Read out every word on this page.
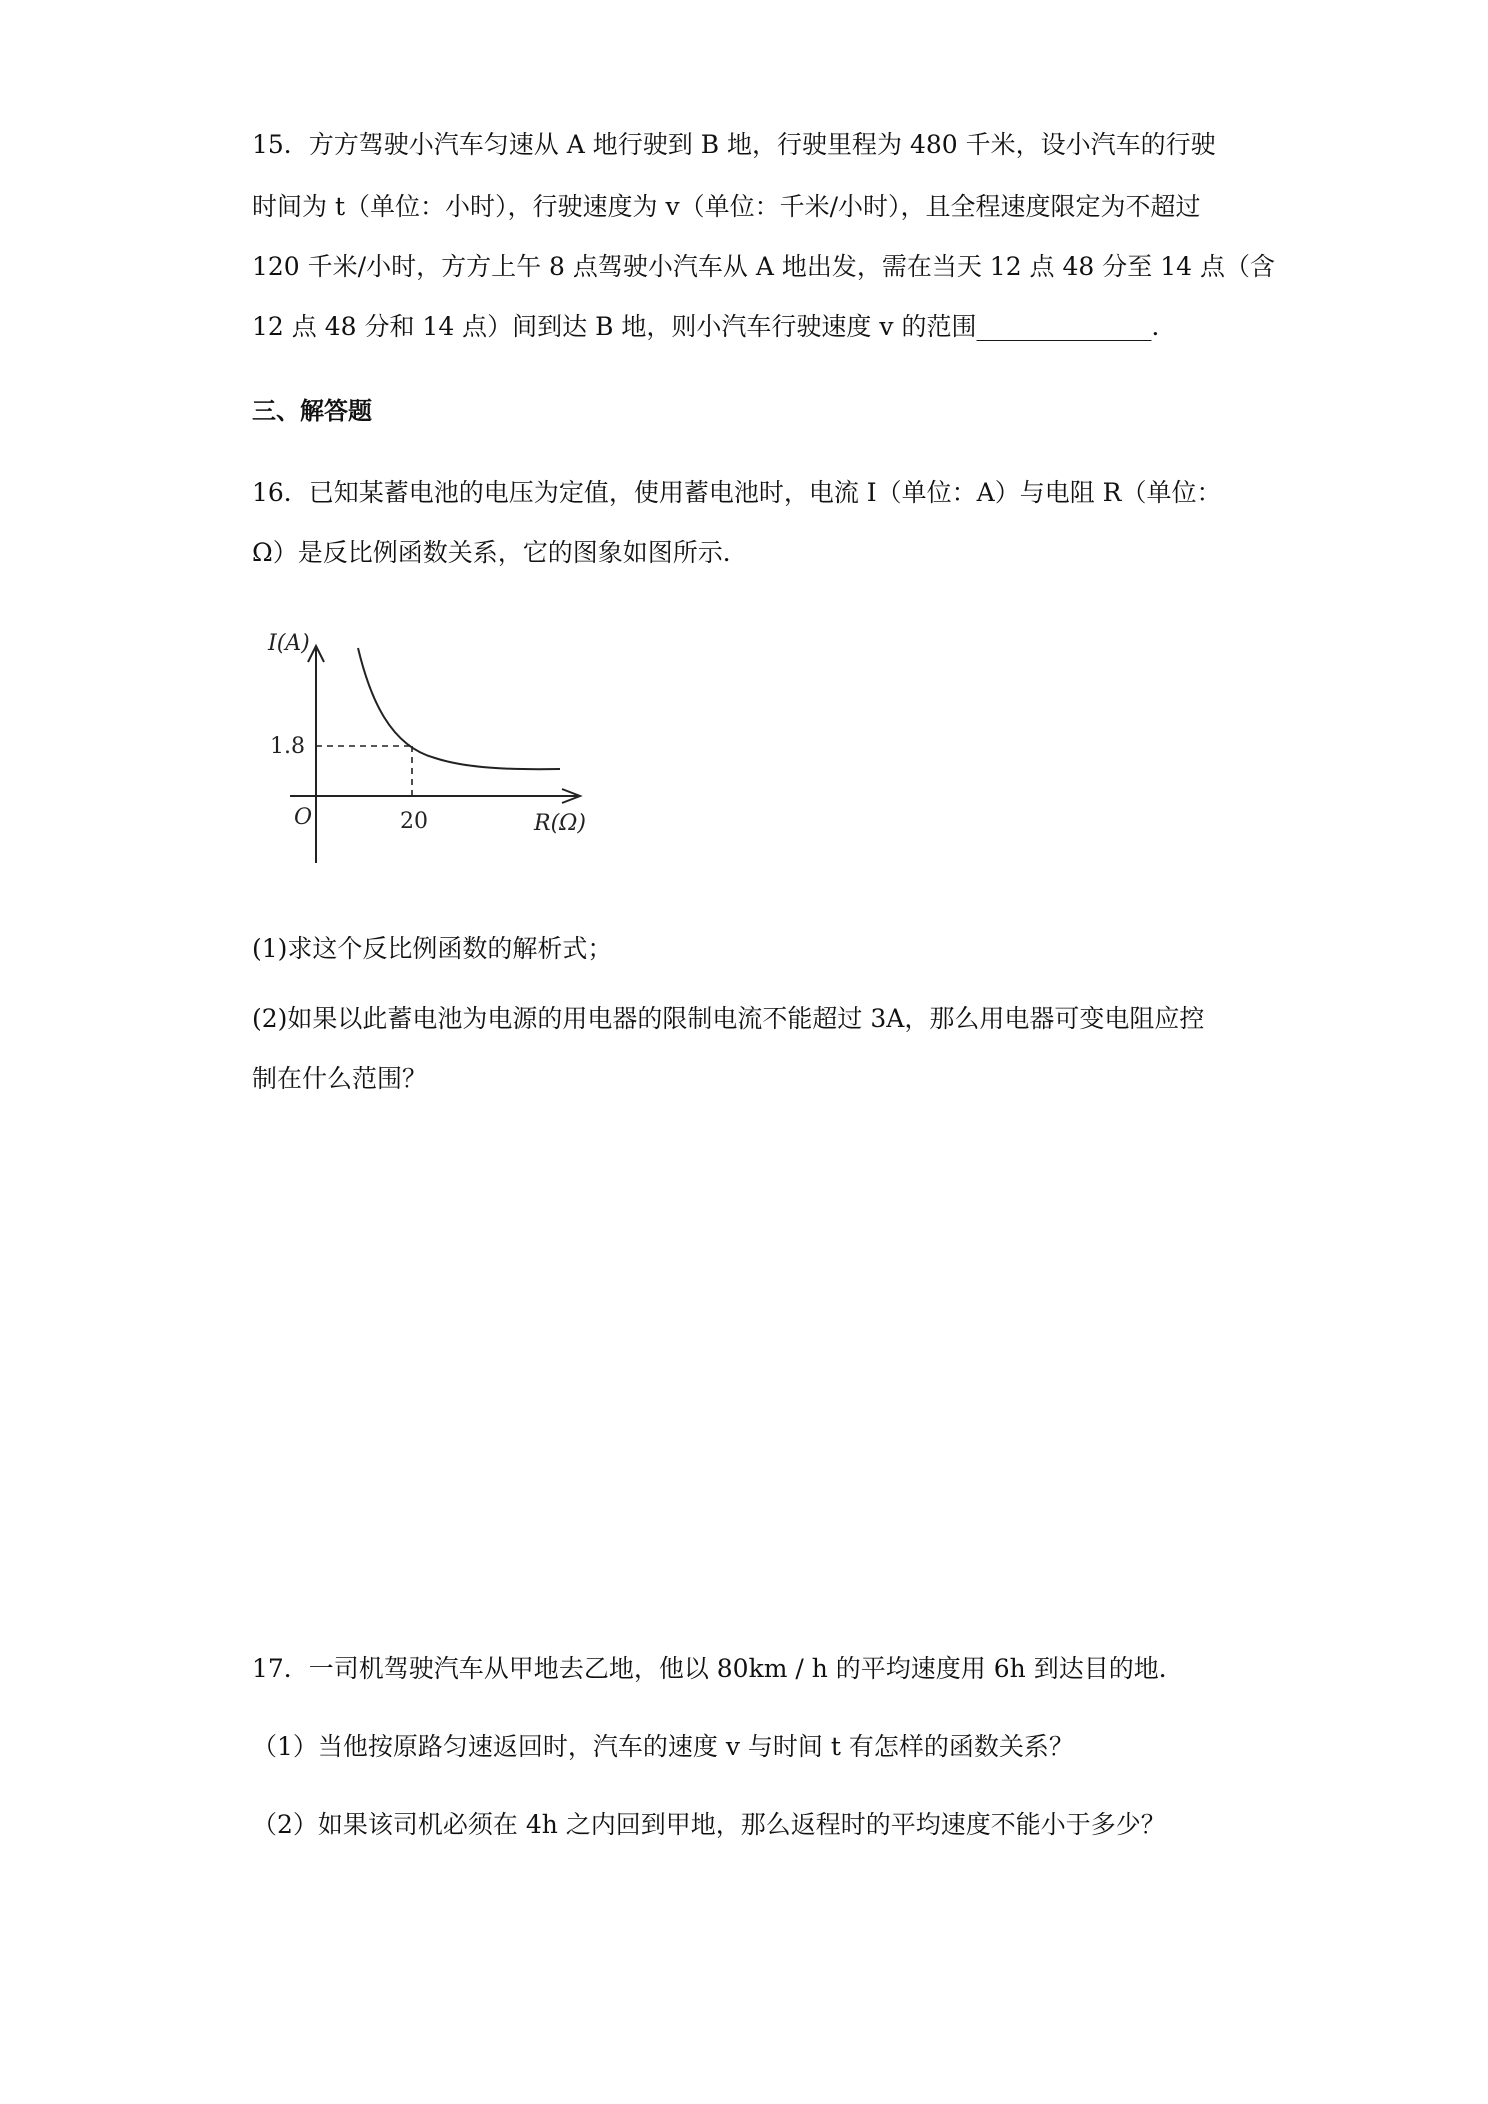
15．方方驾驶小汽车匀速从 A 地行驶到 B 地，行驶里程为 480 千米，设小汽车的行驶
时间为 t（单位：小时），行驶速度为 v（单位：千米/小时），且全程速度限定为不超过
120 千米/小时，方方上午 8 点驾驶小汽车从 A 地出发，需在当天 12 点 48 分至 14 点（含
12 点 48 分和 14 点）间到达 B 地，则小汽车行驶速度 v 的范围______________．
三、解答题
16．已知某蓄电池的电压为定值，使用蓄电池时，电流 I（单位：A）与电阻 R（单位：
Ω）是反比例函数关系，它的图象如图所示．
I(A)
1.8
O	20	R(Ω)
(1)求这个反比例函数的解析式；
(2)如果以此蓄电池为电源的用电器的限制电流不能超过 3A，那么用电器可变电阻应控
制在什么范围？
17．一司机驾驶汽车从甲地去乙地，他以 80km / h 的平均速度用 6h 到达目的地．
（1）当他按原路匀速返回时，汽车的速度 v 与时间 t 有怎样的函数关系？
（2）如果该司机必须在 4h 之内回到甲地，那么返程时的平均速度不能小于多少？
